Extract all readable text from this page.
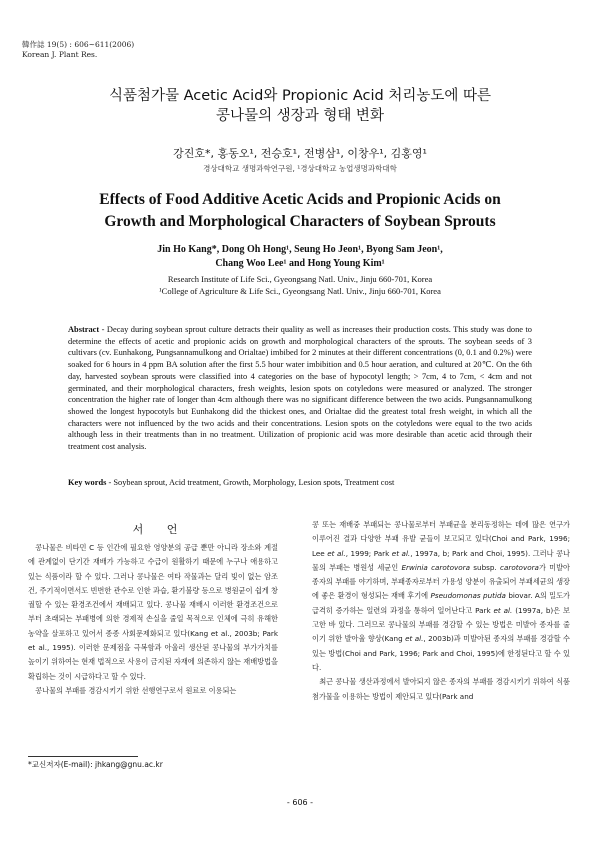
韓作誌 19(5) : 606~611(2006)
Korean J. Plant Res.
식품첨가물 Acetic Acid와 Propionic Acid 처리농도에 따른
콩나물의 생장과 형태 변화
강진호*, 홍동오¹, 전승호¹, 전병삼¹, 이창우¹, 김홍영¹
경상대학교 생명과학연구원, ¹경상대학교 농업생명과학대학
Effects of Food Additive Acetic Acids and Propionic Acids on
Growth and Morphological Characters of Soybean Sprouts
Jin Ho Kang*, Dong Oh Hong¹, Seung Ho Jeon¹, Byong Sam Jeon¹,
Chang Woo Lee¹ and Hong Young Kim¹
Research Institute of Life Sci., Gyeongsang Natl. Univ., Jinju 660-701, Korea
¹College of Agriculture & Life Sci., Gyeongsang Natl. Univ., Jinju 660-701, Korea
Abstract - Decay during soybean sprout culture detracts their quality as well as increases their production costs. This study was done to determine the effects of acetic and propionic acids on growth and morphological characters of the sprouts. The soybean seeds of 3 cultivars (cv. Eunhakong, Pungsannamulkong and Orialtae) imbibed for 2 minutes at their different concentrations (0, 0.1 and 0.2%) were soaked for 6 hours in 4 ppm BA solution after the first 5.5 hour water imbibition and 0.5 hour aeration, and cultured at 20℃. On the 6th day, harvested soybean sprouts were classified into 4 categories on the base of hypocotyl length; > 7cm, 4 to 7cm, < 4cm and not germinated, and their morphological characters, fresh weights, lesion spots on cotyledons were measured or analyzed. The stronger concentration the higher rate of longer than 4cm although there was no significant difference between the two acids. Pungsannamulkong showed the longest hypocotyls but Eunhakong did the thickest ones, and Orialtae did the greatest total fresh weight, in which all the characters were not influenced by the two acids and their concentrations. Lesion spots on the cotyledons were equal to the two acids although less in their treatments than in no treatment. Utilization of propionic acid was more desirable than acetic acid through their treatment cost analysis.
Key words - Soybean sprout, Acid treatment, Growth, Morphology, Lesion spots, Treatment cost
서 언

콩나물은 비타민 C 등 인간에 필요한 영양분의 공급 뿐만 아니라 장소와 계절에 관계없이 단기간 재배가 가능하고 수급이 원활하기 때문에 누구나 애용하고 있는 식품이라 할 수 있다. 그러나 콩나물은 여타 작물과는 달리 빛이 없는 암조건, 주기적이면서도 빈번한 관수로 인한 과습, 환기불량 등으로 병원균이 쉽게 창궐할 수 있는 환경조건에서 재배되고 있다. 콩나물 재배시 이러한 환경조건으로부터 초래되는 부패병에 의한 경제적 손실을 줄일 목적으로 인체에 극히 유해한 농약을 살포하고 있어서 종종 사회문제화되고 있다(Kang et al., 2003b; Park et al., 1995). 이러한 문제점을 극복함과 아울러 생산된 콩나물의 부가가치를 높이기 위하여는 현재 법적으로 사용이 금지된 자재에 의존하지 않는 재배방법을 확립하는 것이 시급하다고 할 수 있다.

콩나물의 부패를 경감시키기 위한 선행연구로서 원료로 이용되는

콩 또는 재배중 부패되는 콩나물로부터 부패균을 분리동정하는 데에 많은 연구가 이루어진 결과 다양한 부패 유발 균들이 보고되고 있다(Choi and Park, 1996; Lee et al., 1999; Park et al., 1997a, b; Park and Choi, 1995). 그러나 콩나물의 부패는 병원성 세균인 Erwinia carotovora subsp. carotovora가 미발아 종자의 부패를 야기하며, 부패종자로부터 가용성 양분이 유출되어 부패세균의 생장에 좋은 환경이 형성되는 재배 후기에 Pseudomonas putida biovar. A의 밀도가 급격히 증가하는 일련의 과정을 통하여 일어난다고 Park et al. (1997a, b)은 보고한 바 있다. 그러므로 콩나물의 부패를 경감할 수 있는 방법은 미발아 종자를 줄이기 위한 발아율 향상(Kang et al., 2003b)과 미발아된 종자의 부패를 경감할 수 있는 방법(Choi and Park, 1996; Park and Choi, 1995)에 한정된다고 할 수 있다.

최근 콩나물 생산과정에서 발아되지 않은 종자의 부패를 경감시키기 위하여 식품첨가물을 이용하는 방법이 제안되고 있다(Park and

*교신저자(E-mail): jhkang@gnu.ac.kr
- 606 -
